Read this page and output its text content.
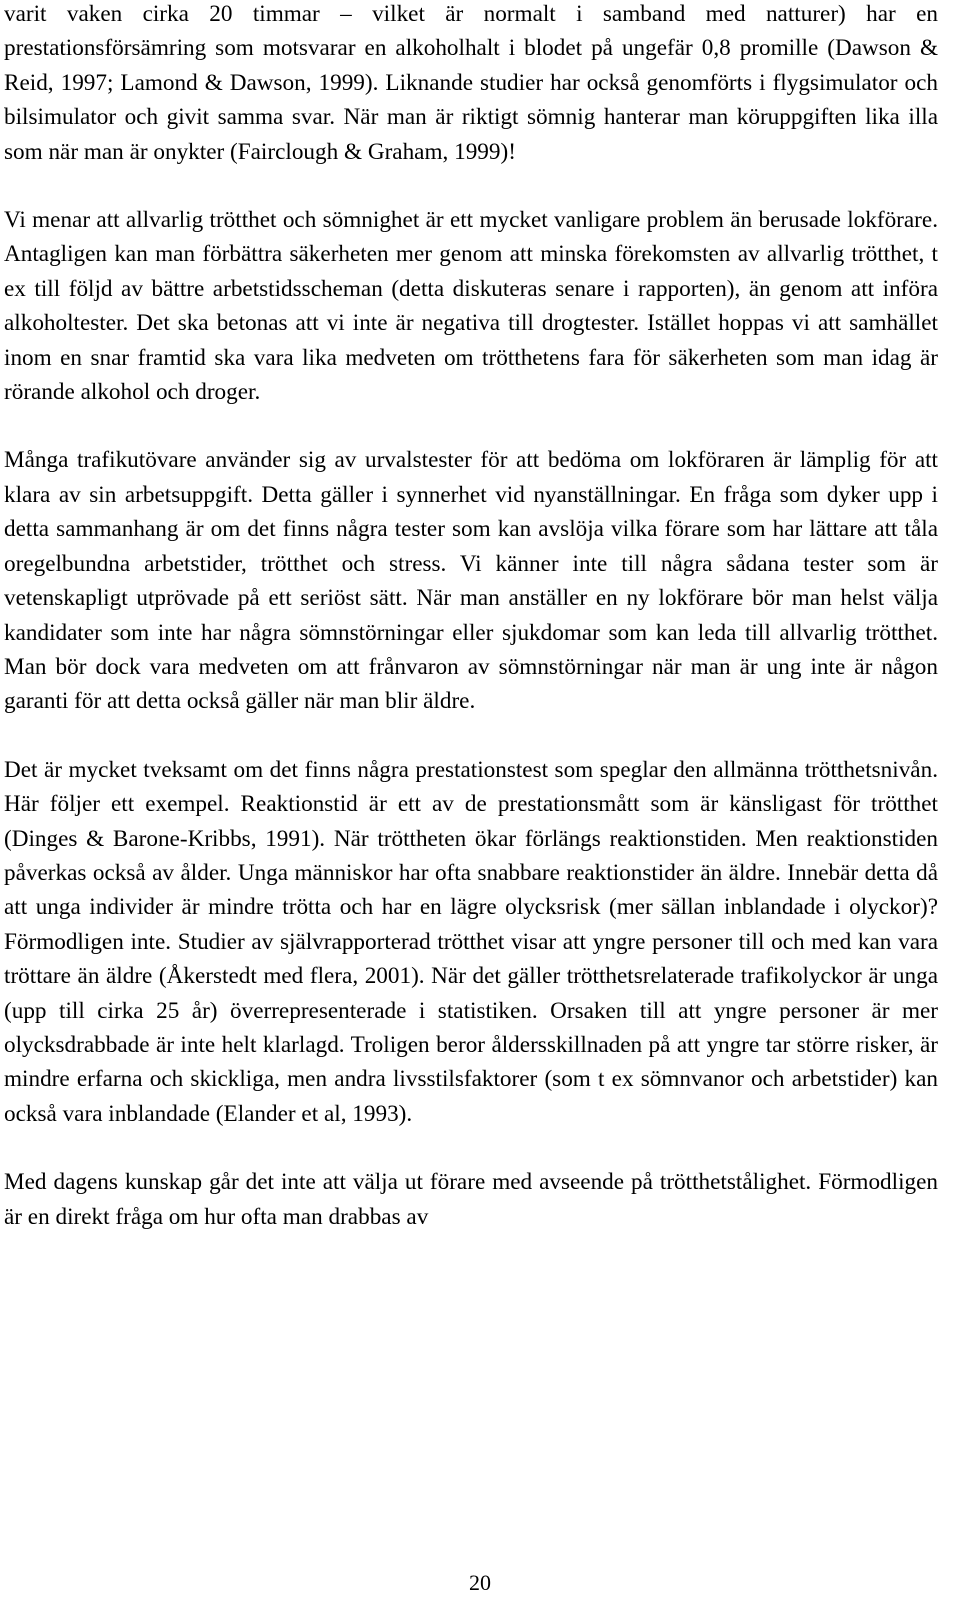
varit vaken cirka 20 timmar – vilket är normalt i samband med natturer) har en prestationsförsämring som motsvarar en alkoholhalt i blodet på ungefär 0,8 promille (Dawson & Reid, 1997; Lamond & Dawson, 1999). Liknande studier har också genomförts i flygsimulator och bilsimulator och givit samma svar. När man är riktigt sömnig hanterar man köruppgiften lika illa som när man är onykter (Fairclough & Graham, 1999)!

Vi menar att allvarlig trötthet och sömnighet är ett mycket vanligare problem än berusade lokförare. Antagligen kan man förbättra säkerheten mer genom att minska förekomsten av allvarlig trötthet, t ex till följd av bättre arbetstidsscheman (detta diskuteras senare i rapporten), än genom att införa alkoholtester. Det ska betonas att vi inte är negativa till drogtester. Istället hoppas vi att samhället inom en snar framtid ska vara lika medveten om trötthetens fara för säkerheten som man idag är rörande alkohol och droger.

Många trafikutövare använder sig av urvalstester för att bedöma om lokföraren är lämplig för att klara av sin arbetsuppgift. Detta gäller i synnerhet vid nyanställningar. En fråga som dyker upp i detta sammanhang är om det finns några tester som kan avslöja vilka förare som har lättare att tåla oregelbundna arbetstider, trötthet och stress. Vi känner inte till några sådana tester som är vetenskapligt utprövade på ett seriöst sätt. När man anställer en ny lokförare bör man helst välja kandidater som inte har några sömnstörningar eller sjukdomar som kan leda till allvarlig trötthet. Man bör dock vara medveten om att frånvaron av sömnstörningar när man är ung inte är någon garanti för att detta också gäller när man blir äldre.

Det är mycket tveksamt om det finns några prestationstest som speglar den allmänna trötthetsnivån. Här följer ett exempel. Reaktionstid är ett av de prestationsmått som är känsligast för trötthet (Dinges & Barone-Kribbs, 1991). När tröttheten ökar förlängs reaktionstiden. Men reaktionstiden påverkas också av ålder. Unga människor har ofta snabbare reaktionstider än äldre. Innebär detta då att unga individer är mindre trötta och har en lägre olycksrisk (mer sällan inblandade i olyckor)? Förmodligen inte. Studier av självrapporterad trötthet visar att yngre personer till och med kan vara tröttare än äldre (Åkerstedt med flera, 2001). När det gäller trötthetsrelaterade trafikolyckor är unga (upp till cirka 25 år) överrepresenterade i statistiken. Orsaken till att yngre personer är mer olycksdrabbade är inte helt klarlagd. Troligen beror åldersskillnaden på att yngre tar större risker, är mindre erfarna och skickliga, men andra livsstilsfaktorer (som t ex sömnvanor och arbetstider) kan också vara inblandade (Elander et al, 1993).

Med dagens kunskap går det inte att välja ut förare med avseende på trötthetstålighet. Förmodligen är en direkt fråga om hur ofta man drabbas av

20
